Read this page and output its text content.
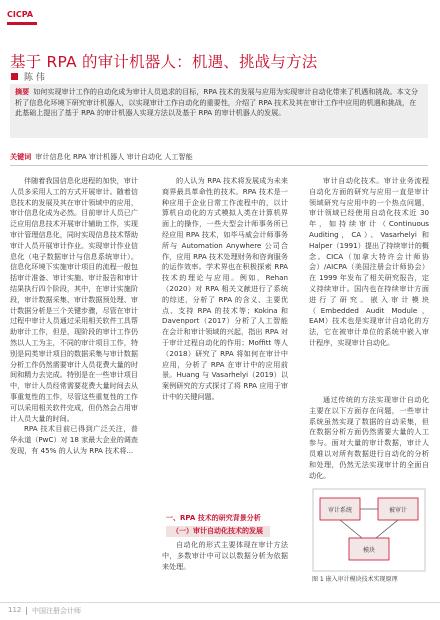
CICPA
基于 RPA 的审计机器人：机遇、挑战与方法
陈 伟
摘要 如何实现审计工作的自动化成为审计人员追求的目标，RPA 技术的发展与应用为实现审计自动化带来了机遇和挑战。本文分析了信息化环境下研究审计机器人，以实现审计工作自动化的重要性，介绍了 RPA 技术及其在审计工作中应用的机遇和挑战，在此基础上提出了基于 RPA 的审计机器人实现方法以及基于 RPA 的审计机器人的发展。
关键词 审计信息化 RPA 审计机器人 审计自动化 人工智能

伴随着我国信息化进程的加快，审计人员多采用人工的方式开展审计。随着信息技术的发展及其在审计领域中的应用，审计信息化成为必然。目前审计人员已广泛应用信息技术开展审计辅助工作，实现审计管理信息化，同时实现信息技术帮助审计人员开展审计作业。实现审计作业信息化（电子数据审计与信息系统审计）。信息化环境下实施审计项目的流程一般包括审计准备、审计实施、审计报告和审计结果执行四个阶段，其中，在审计实施阶段，审计数据采集、审计数据预处理、审计数据分析是三个关键步骤，尽管在审计过程中审计人员通过采用相关软件工具帮助审计工作，但是，现阶段的审计工作仍然以人工为主，不同的审计项目工作，特别是同类审计项目的数据采集与审计数据分析工作仍然需要审计人员花费大量的时间和精力去完成。特别是在一些审计项目中，审计人员经常需要花费大量时间去从事重复性的工作，尽管这些重复性的工作可以采用相关软件完成，但仍然会占用审计人员大量的时间。

RPA 技术目前已得到广泛关注，普华永道（PwC）对 18 家最大企业的调查发现，有 45% 的人认为 RPA 技术将...

的人认为 RPA 技术将发展成为未来商界最具革命性的技术。RPA 技术是一种应用于企业日常工作流程中的，以计算机自动化的方式模拟人类在计算机界面上的操作，一些大型会计师事务所已经应用 RPA 技术，如毕马威会计师事务所与 Automation Anywhere 公司合作，应用 RPA 技术处理财务和咨询服务的运作效率。学术界也在积极探索 RPA 技术的理论与应用。例如，Rehan（2020）对 RPA 相关文献进行了系统的综述，分析了 RPA 的含义、主要优点、支持 RPA 的技术等；Kokina 和 Davenport（2017）分析了人工智能在会计和审计领域的兴起，指出 RPA 对于审计过程自动化的作用；Moffitt 等人（2018）研究了 RPA 将如何在审计中应用，分析了 RPA 在审计中的应用前景。Huang 与 Vasarhelyi（2019）以案例研究的方式探讨了将 RPA 应用于审计中的关键问题。

一、RPA 技术的研究背景分析
（一）审计自动化技术的发展

自动化的形式主要体现在审计方法中，多数审计中可以以数据分析为依据来处理。

审计自动化技术。审计业务流程自动化方面的研究与应用一直是审计领域研究与应用中的一个热点问题，审计领域已经使用自动化技术近 30 年，如持续审计（Continuous Auditing，CA）、Vasarhelyi 和 Halper（1991）提出了持续审计的概念。CICA（加拿大特许会计师协会）/AICPA（美国注册会计师协会）在 1999 年发布了相关研究报告，定义持续审计。国内也在持续审计方面进行了研究。嵌入审计模块（Embedded Audit Module，EAM）技术也是实现审计自动化的方法，它在被审计单位的系统中嵌入审计程序，实现审计自动化。

通过传统的方法实现审计自动化主要在以下方面存在问题，一些审计系统虽然实现了数据的自动采集，但在数据分析方面仍然需要大量的人工参与。面对大量的审计数据，审计人员难以对所有数据进行自动化的分析和处理，仍然无法实现审计的全面自动化。

审计系统	被审计
模块
图 1 嵌入审计模块技术实现原理
112 中国注册会计师
